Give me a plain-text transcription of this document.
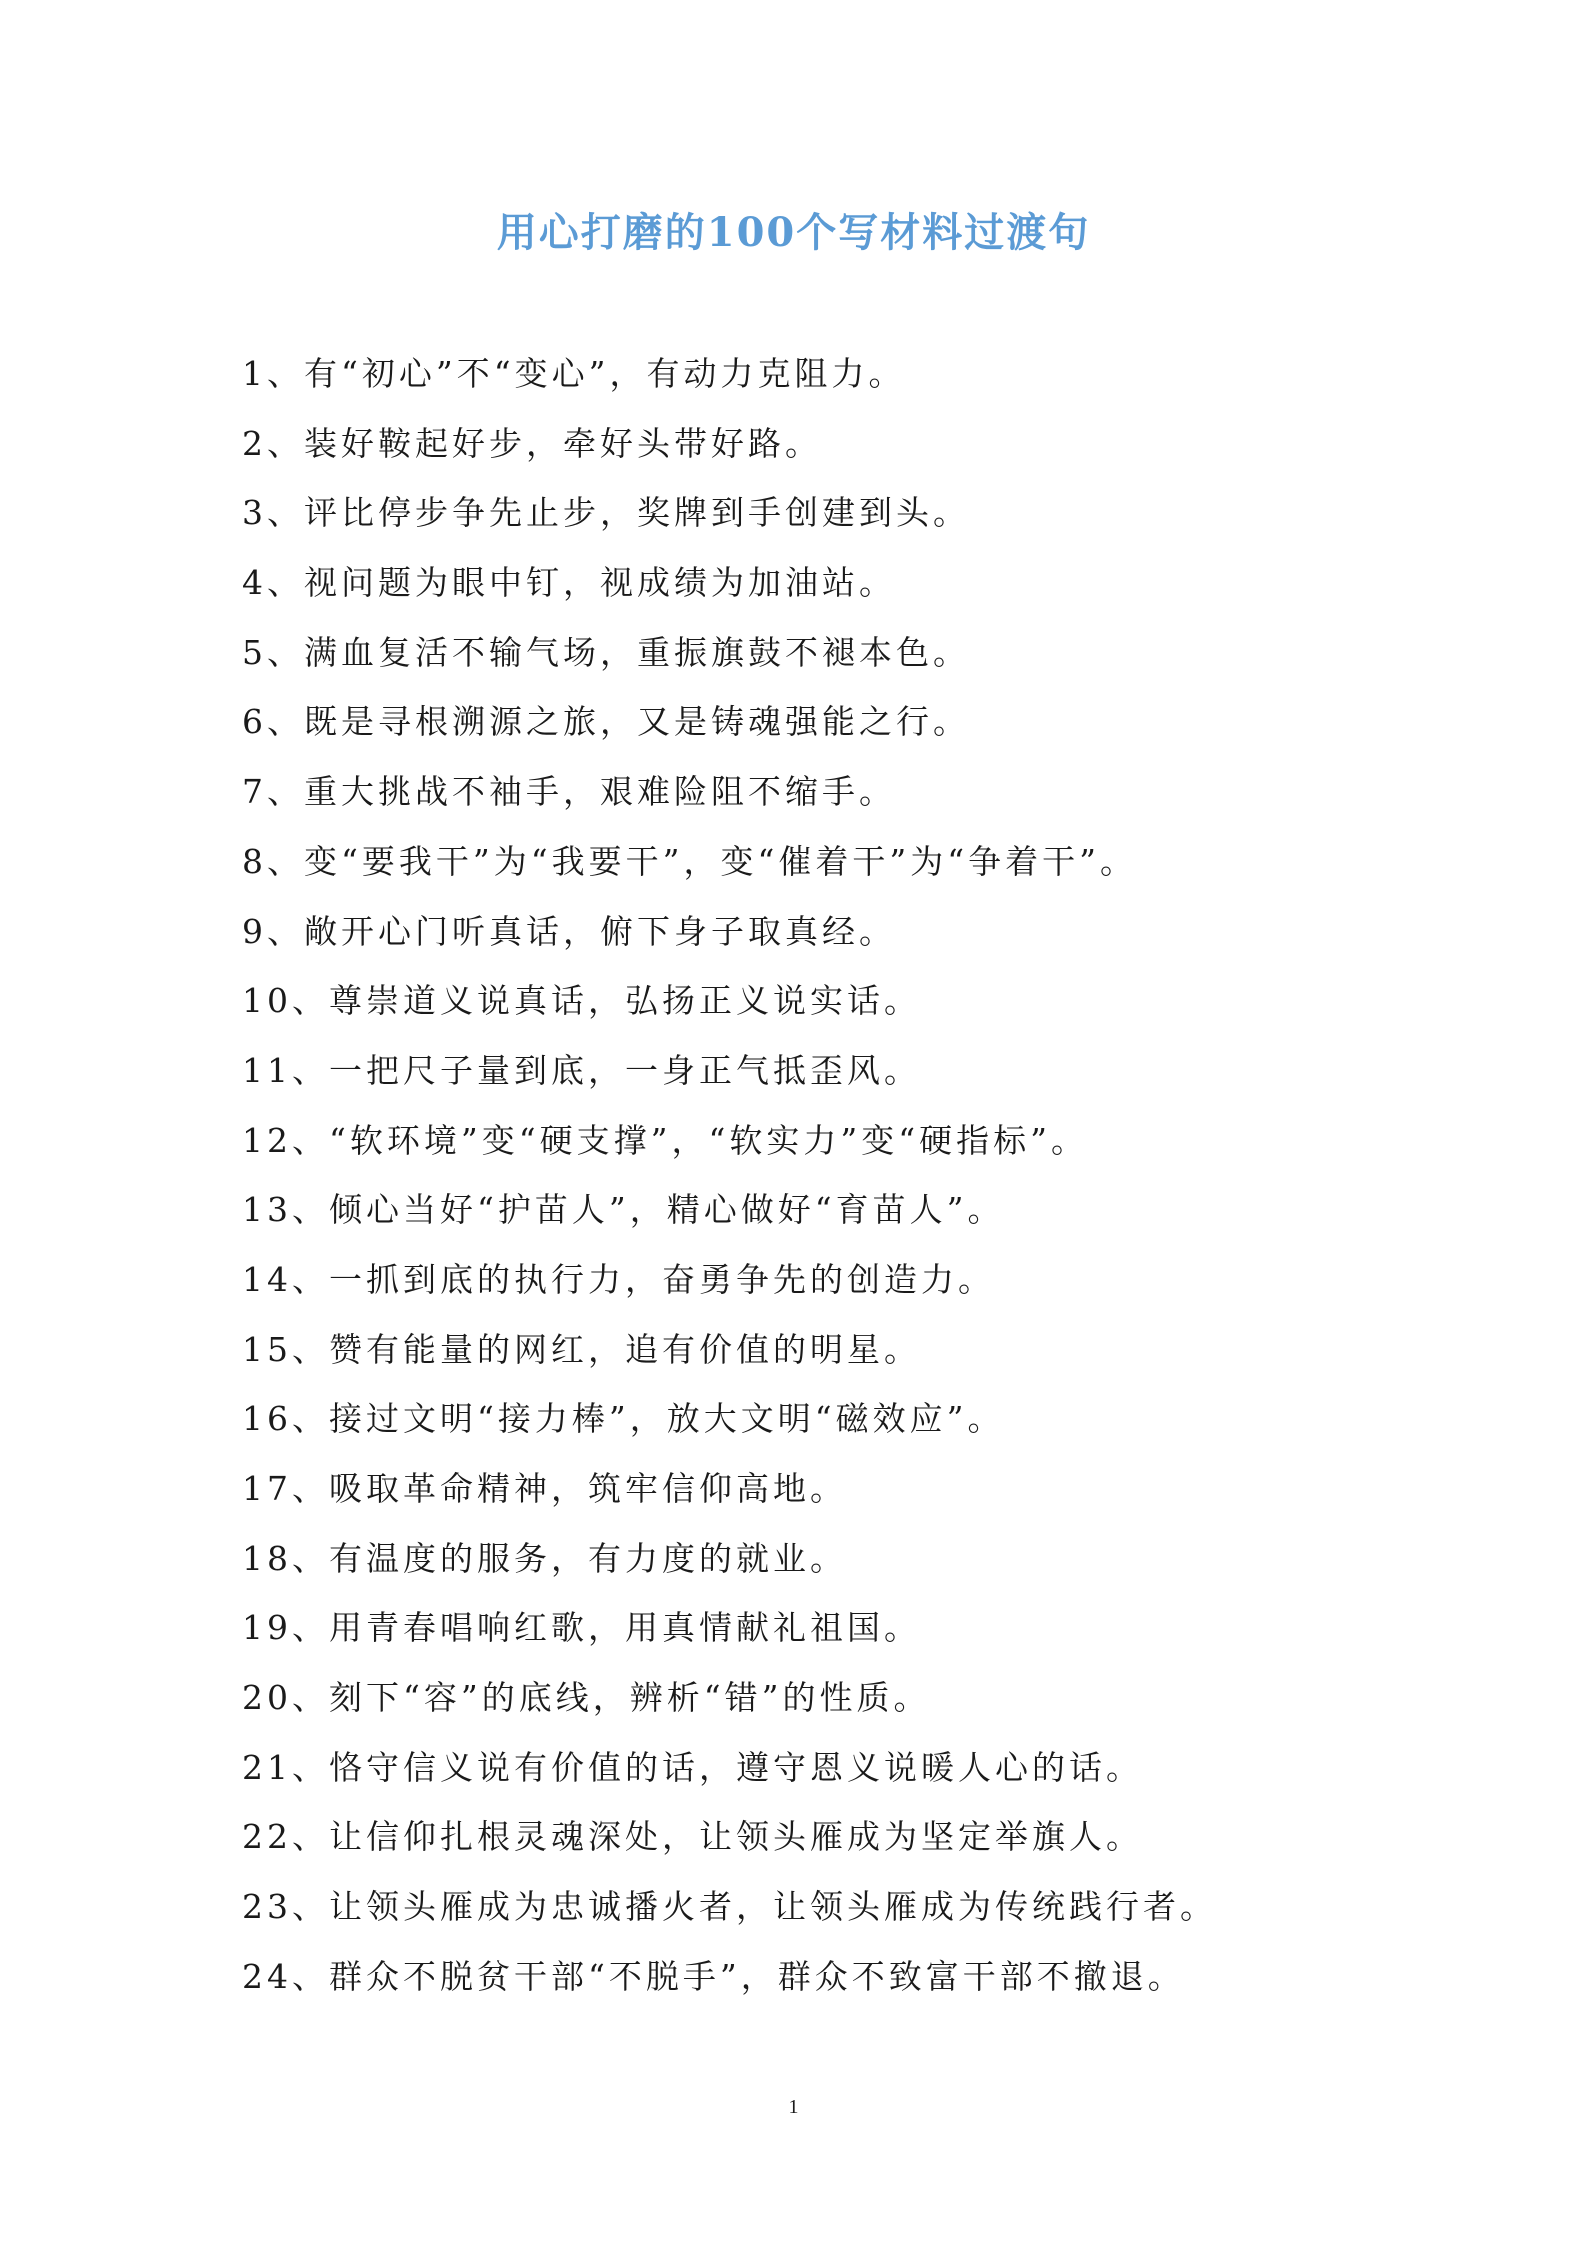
用心打磨的100个写材料过渡句
1、有“初心”不“变心”，有动力克阻力。
2、装好鞍起好步，牵好头带好路。
3、评比停步争先止步，奖牌到手创建到头。
4、视问题为眼中钉，视成绩为加油站。
5、满血复活不输气场，重振旗鼓不褪本色。
6、既是寻根溯源之旅，又是铸魂强能之行。
7、重大挑战不袖手，艰难险阻不缩手。
8、变“要我干”为“我要干”，变“催着干”为“争着干”。
9、敞开心门听真话，俯下身子取真经。
10、尊崇道义说真话，弘扬正义说实话。
11、一把尺子量到底，一身正气抵歪风。
12、“软环境”变“硬支撑”，“软实力”变“硬指标”。
13、倾心当好“护苗人”，精心做好“育苗人”。
14、一抓到底的执行力，奋勇争先的创造力。
15、赞有能量的网红，追有价值的明星。
16、接过文明“接力棒”，放大文明“磁效应”。
17、吸取革命精神，筑牢信仰高地。
18、有温度的服务，有力度的就业。
19、用青春唱响红歌，用真情献礼祖国。
20、刻下“容”的底线，辨析“错”的性质。
21、恪守信义说有价值的话，遵守恩义说暖人心的话。
22、让信仰扎根灵魂深处，让领头雁成为坚定举旗人。
23、让领头雁成为忠诚播火者，让领头雁成为传统践行者。
24、群众不脱贫干部“不脱手”，群众不致富干部不撤退。
1
